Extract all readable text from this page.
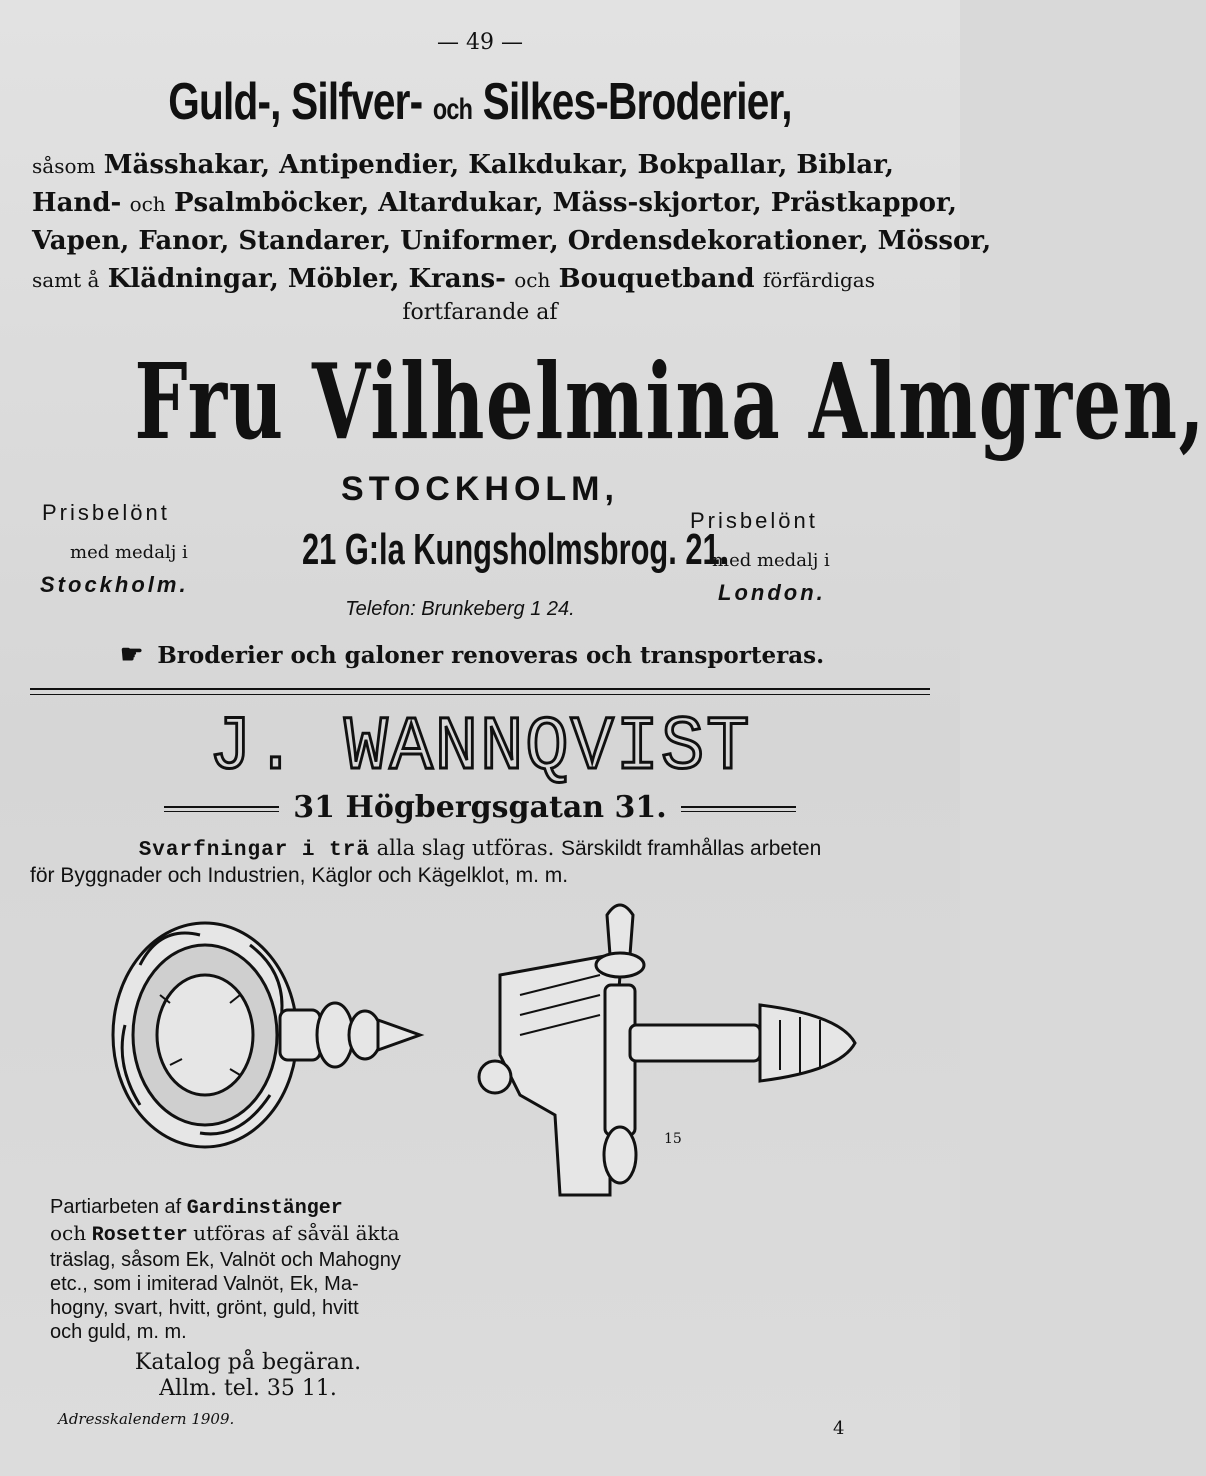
— 49 —
Guld-, Silfver- och Silkes-Broderier,
såsom Mässhakar, Antipendier, Kalkdukar, Bokpallar, Biblar,
Hand- och Psalmböcker, Altardukar, Mäss-skjortor, Prästkappor,
Vapen, Fanor, Standarer, Uniformer, Ordensdekorationer, Mössor,
samt å Klädningar, Möbler, Krans- och Bouquetband förfärdigas
fortfarande af
Fru Vilhelmina Almgren,
Prisbelönt
med medalj i
Stockholm.
Prisbelönt
med medalj i
London.
STOCKHOLM,
21 G:la Kungsholmsbrog. 21.
Telefon: Brunkeberg 1 24.
☛ Broderier och galoner renoveras och transporteras.
J. WANNQVIST
31 Högbergsgatan 31.
Svarfningar i trä alla slag utföras. Särskildt framhållas arbeten
för Byggnader och Industrien, Käglor och Kägelklot, m. m.
15
Partiarbeten af Gardinstänger
och Rosetter utföras af såväl äkta
träslag, såsom Ek, Valnöt och Mahogny
etc., som i imiterad Valnöt, Ek, Ma-
hogny, svart, hvitt, grönt, guld, hvitt
och guld, m. m.
Katalog på begäran.
Allm. tel. 35 11.
Adresskalendern 1909.	4
